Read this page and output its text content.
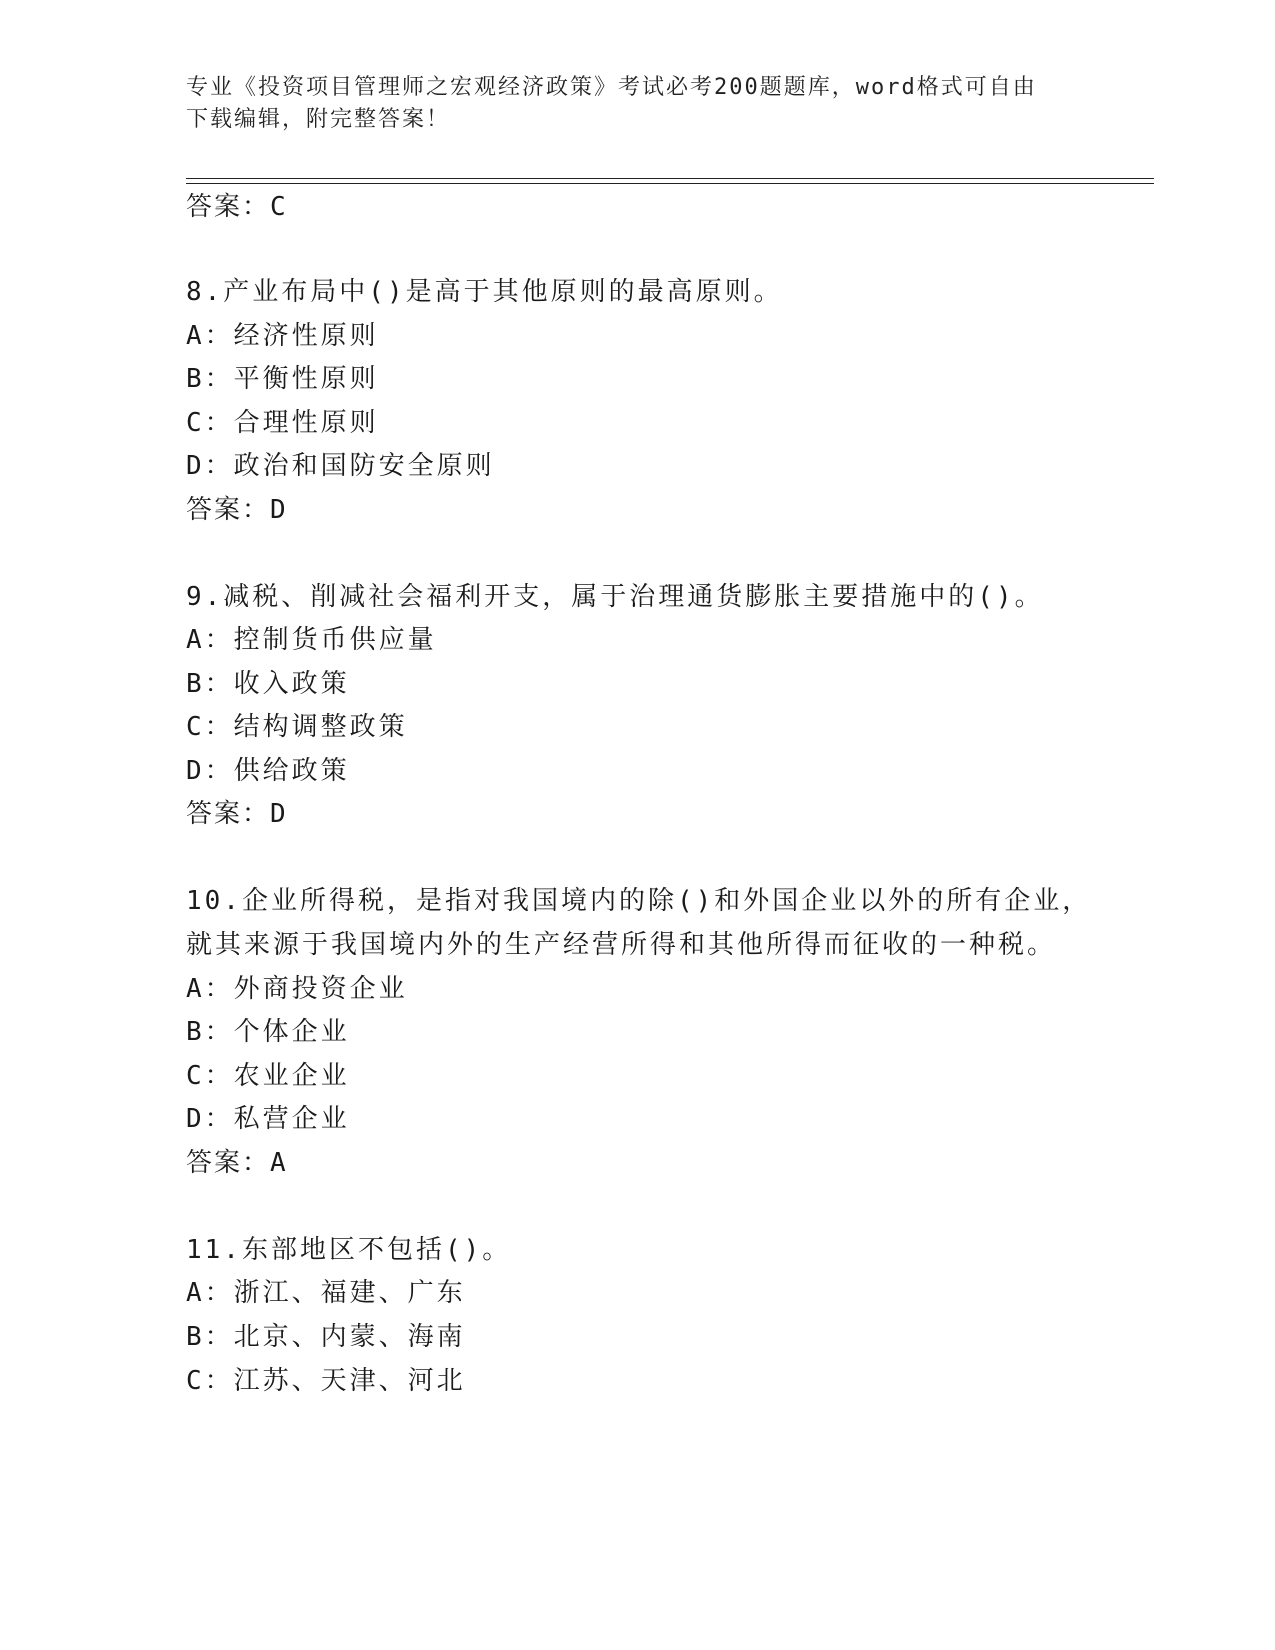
专业《投资项目管理师之宏观经济政策》考试必考200题题库，word格式可自由
下载编辑，附完整答案！
答案：C
8.产业布局中()是高于其他原则的最高原则。
A：经济性原则
B：平衡性原则
C：合理性原则
D：政治和国防安全原则
答案：D
9.减税、削减社会福利开支，属于治理通货膨胀主要措施中的()。
A：控制货币供应量
B：收入政策
C：结构调整政策
D：供给政策
答案：D
10.企业所得税，是指对我国境内的除()和外国企业以外的所有企业，
就其来源于我国境内外的生产经营所得和其他所得而征收的一种税。
A：外商投资企业
B：个体企业
C：农业企业
D：私营企业
答案：A
11.东部地区不包括()。
A：浙江、福建、广东
B：北京、内蒙、海南
C：江苏、天津、河北
